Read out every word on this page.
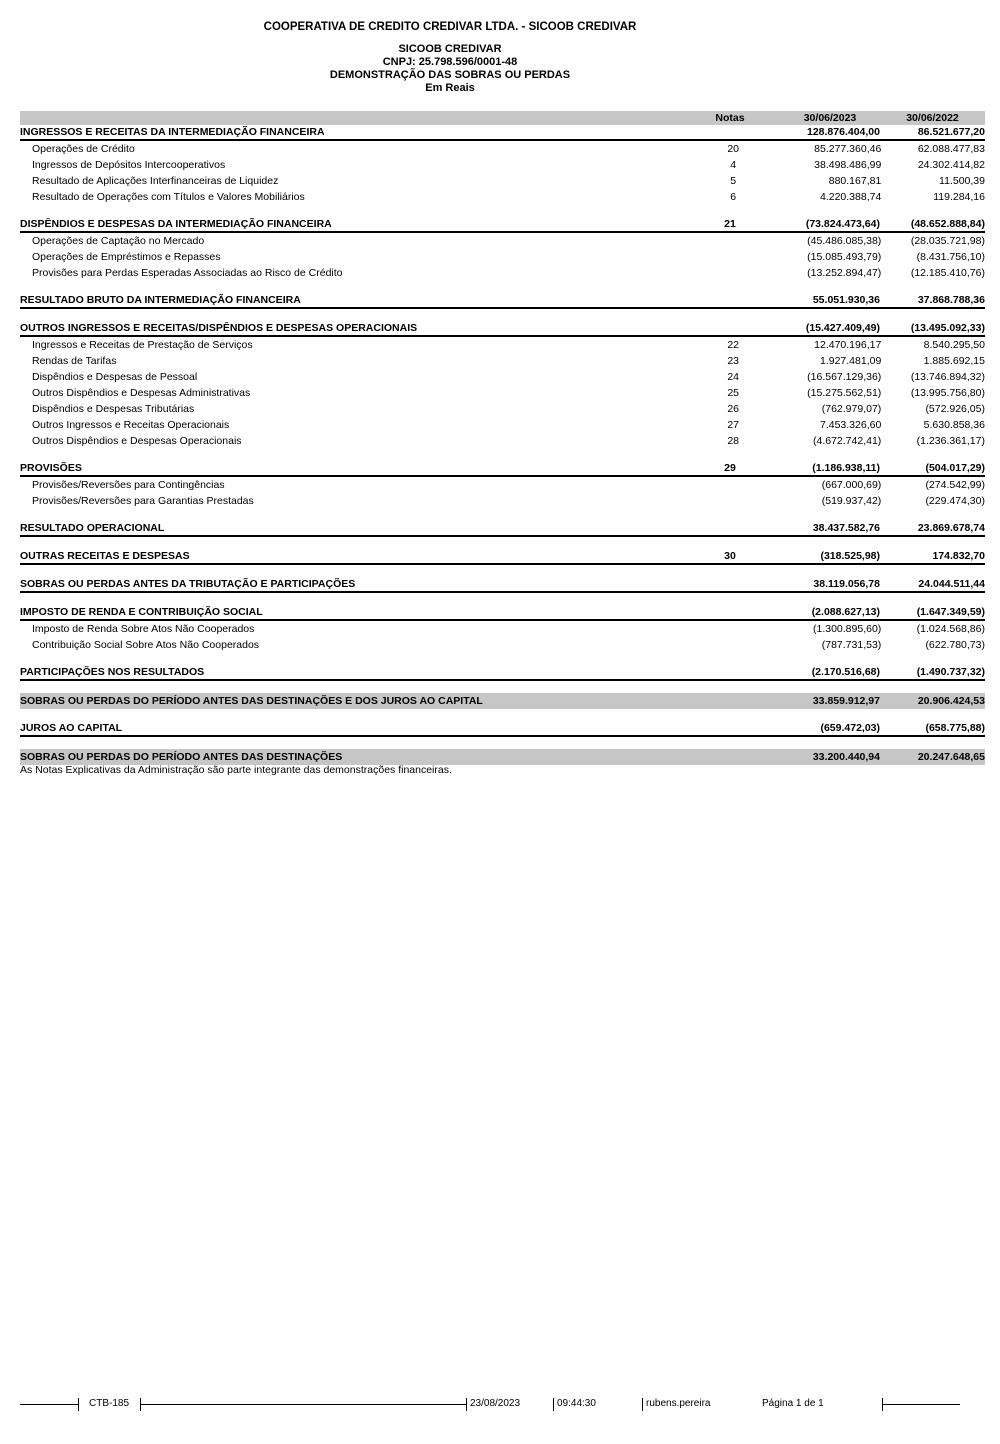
COOPERATIVA DE CREDITO CREDIVAR LTDA. - SICOOB CREDIVAR
SICOOB CREDIVAR
CNPJ: 25.798.596/0001-48
DEMONSTRAÇÃO DAS SOBRAS OU PERDAS
Em Reais
Notas	30/06/2023	30/06/2022
INGRESSOS E RECEITAS DA INTERMEDIAÇÃO FINANCEIRA	128.876.404,00	86.521.677,20
Operações de Crédito	20	85.277.360,46	62.088.477,83
Ingressos de Depósitos Intercooperativos	4	38.498.486,99	24.302.414,82
Resultado de Aplicações Interfinanceiras de Liquidez	5	880.167,81	11.500,39
Resultado de Operações com Títulos e Valores Mobiliários	6	4.220.388,74	119.284,16
DISPÊNDIOS E DESPESAS DA INTERMEDIAÇÃO FINANCEIRA	21	(73.824.473,64)	(48.652.888,84)
Operações de Captação no Mercado	(45.486.085,38)	(28.035.721,98)
Operações de Empréstimos e Repasses	(15.085.493,79)	(8.431.756,10)
Provisões para Perdas Esperadas Associadas ao Risco de Crédito	(13.252.894,47)	(12.185.410,76)
RESULTADO BRUTO DA INTERMEDIAÇÃO FINANCEIRA	55.051.930,36	37.868.788,36
OUTROS INGRESSOS E RECEITAS/DISPÊNDIOS E DESPESAS OPERACIONAIS	(15.427.409,49)	(13.495.092,33)
Ingressos e Receitas de Prestação de Serviços	22	12.470.196,17	8.540.295,50
Rendas de Tarifas	23	1.927.481,09	1.885.692,15
Dispêndios e Despesas de Pessoal	24	(16.567.129,36)	(13.746.894,32)
Outros Dispêndios e Despesas Administrativas	25	(15.275.562,51)	(13.995.756,80)
Dispêndios e Despesas Tributárias	26	(762.979,07)	(572.926,05)
Outros Ingressos e Receitas Operacionais	27	7.453.326,60	5.630.858,36
Outros Dispêndios e Despesas Operacionais	28	(4.672.742,41)	(1.236.361,17)
PROVISÕES	29	(1.186.938,11)	(504.017,29)
Provisões/Reversões para Contingências	(667.000,69)	(274.542,99)
Provisões/Reversões para Garantias Prestadas	(519.937,42)	(229.474,30)
RESULTADO OPERACIONAL	38.437.582,76	23.869.678,74
OUTRAS RECEITAS E DESPESAS	30	(318.525,98)	174.832,70
SOBRAS OU PERDAS ANTES DA TRIBUTAÇÃO E PARTICIPAÇÕES	38.119.056,78	24.044.511,44
IMPOSTO DE RENDA E CONTRIBUIÇÃO SOCIAL	(2.088.627,13)	(1.647.349,59)
Imposto de Renda Sobre Atos Não Cooperados	(1.300.895,60)	(1.024.568,86)
Contribuição Social Sobre Atos Não Cooperados	(787.731,53)	(622.780,73)
PARTICIPAÇÕES NOS RESULTADOS	(2.170.516,68)	(1.490.737,32)
SOBRAS OU PERDAS DO PERÍODO ANTES DAS DESTINAÇÕES E DOS JUROS AO CAPITAL	33.859.912,97	20.906.424,53
JUROS AO CAPITAL	(659.472,03)	(658.775,88)
SOBRAS OU PERDAS DO PERÍODO ANTES DAS DESTINAÇÕES	33.200.440,94	20.247.648,65
As Notas Explicativas da Administração são parte integrante das demonstrações financeiras.
CTB-185	23/08/2023	09:44:30	rubens.pereira	Página 1 de 1
